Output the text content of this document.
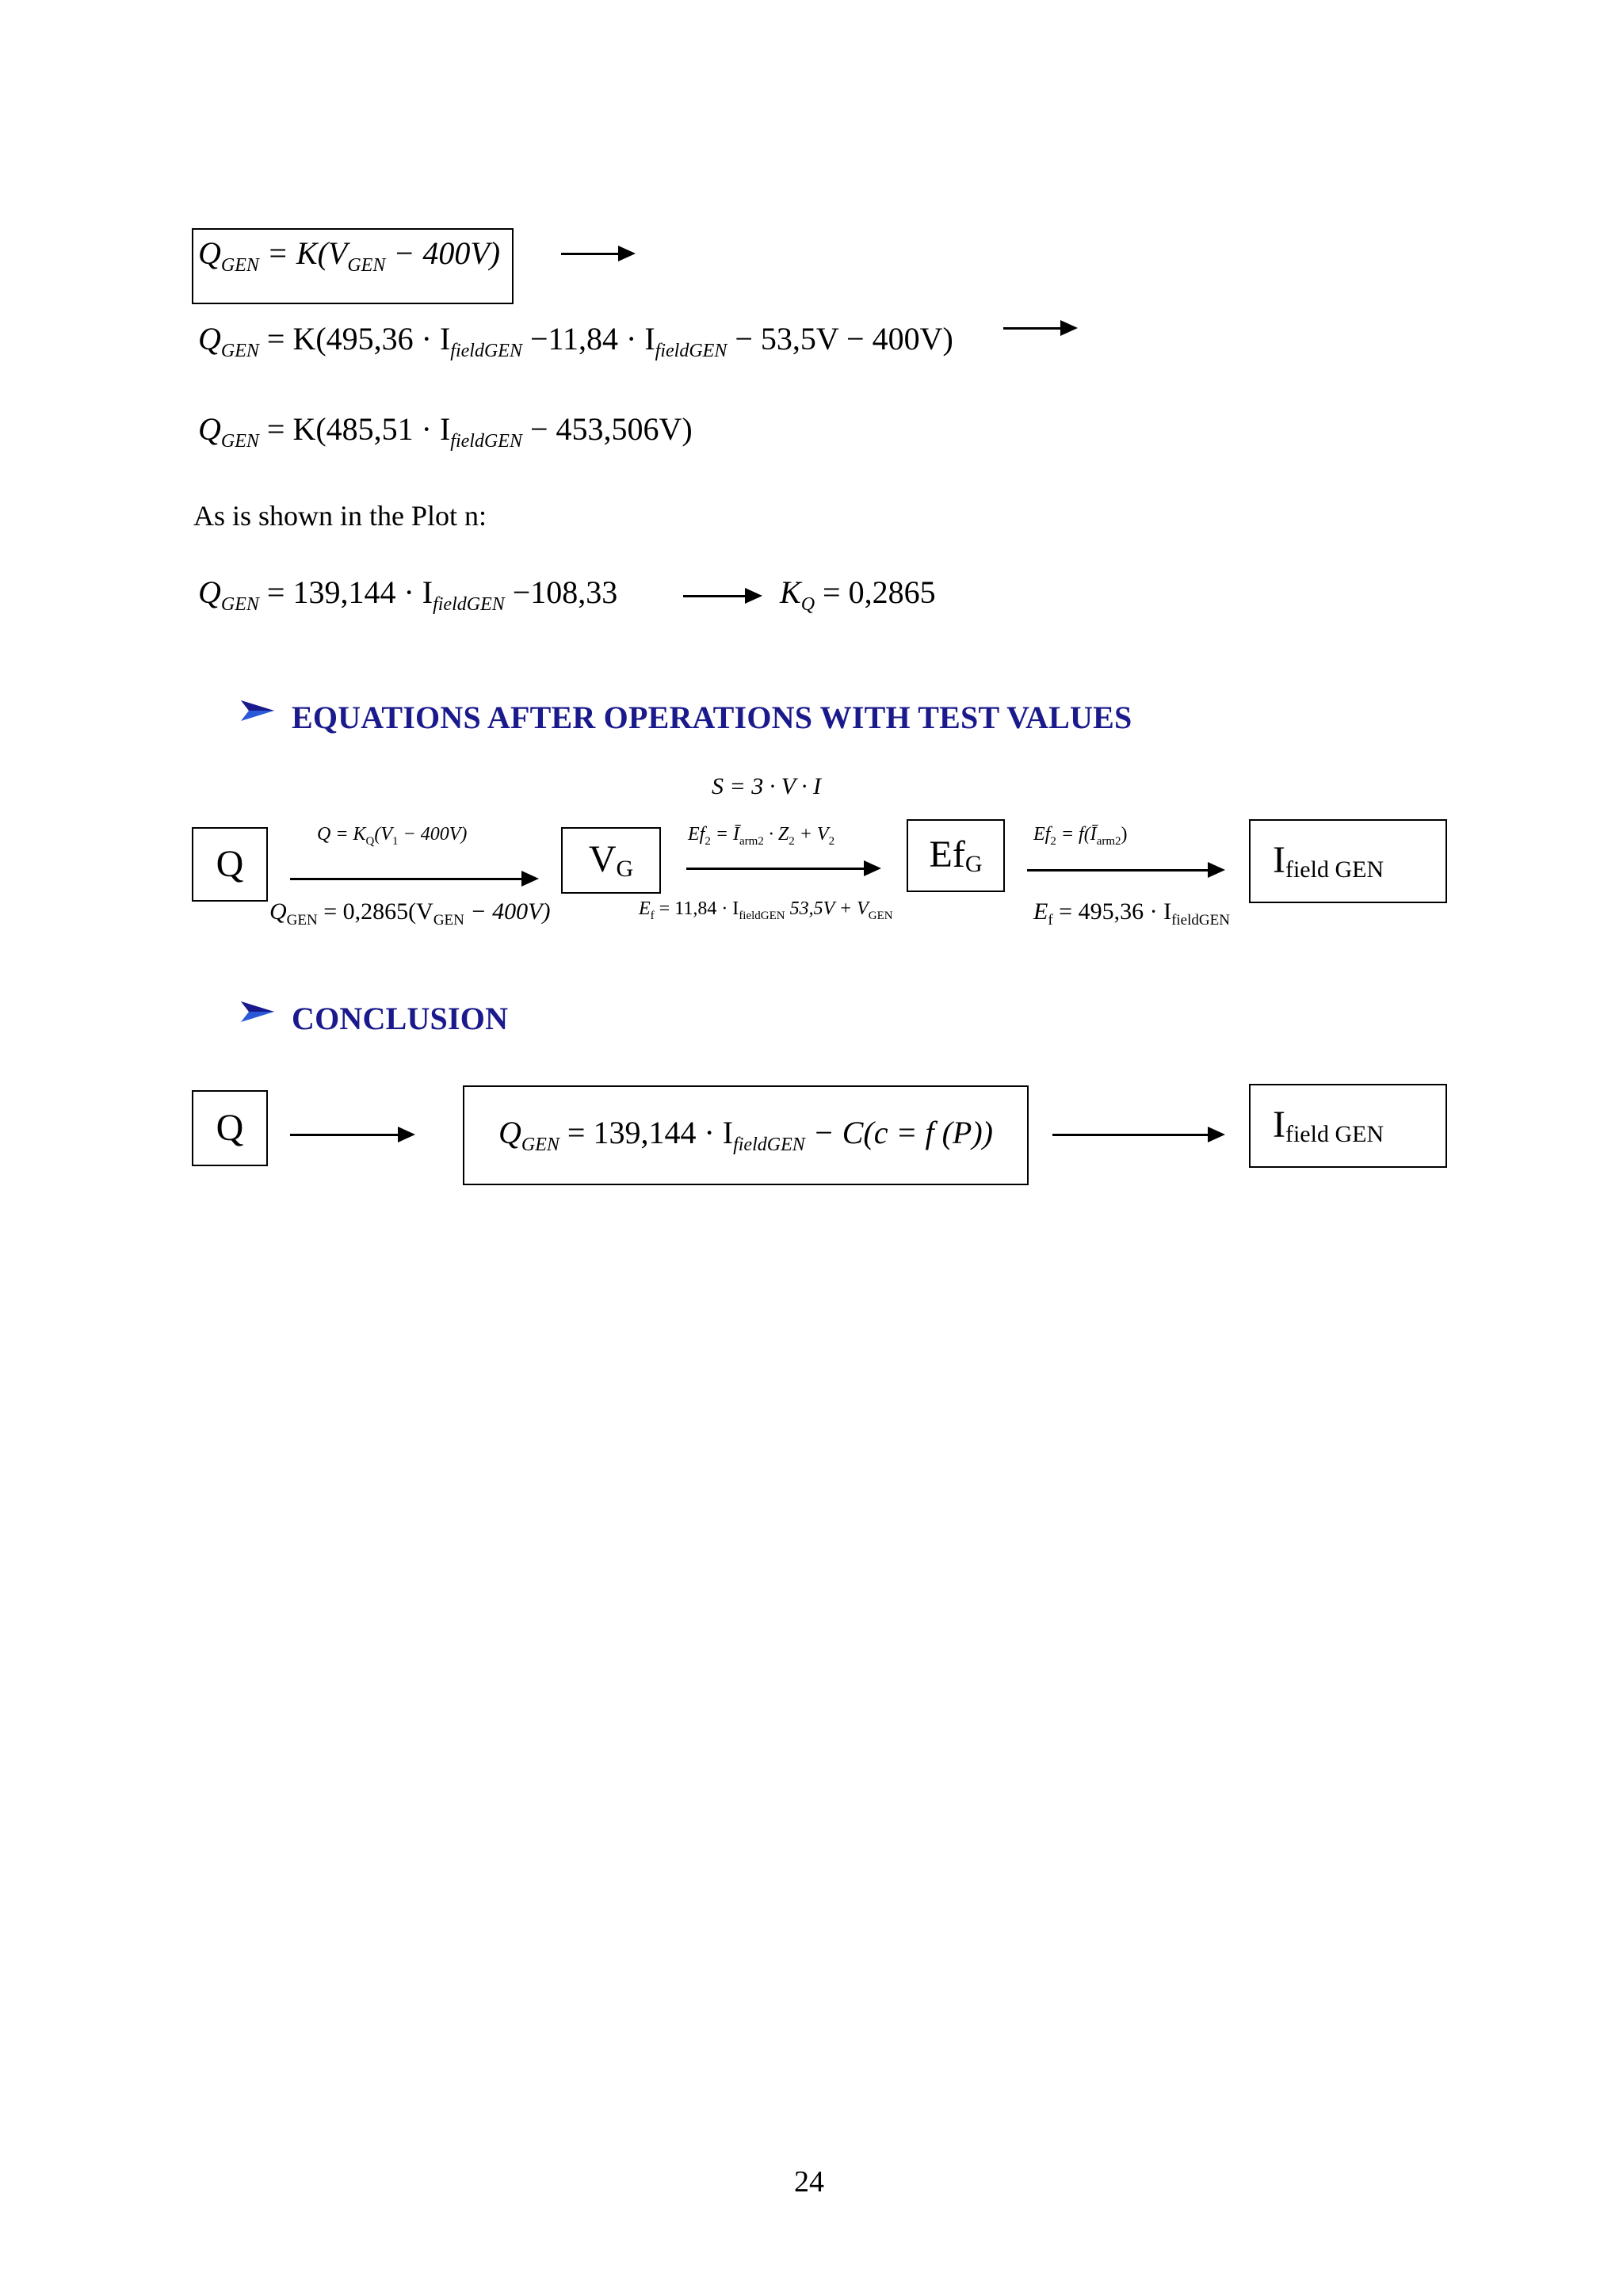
$Q_{GEN} = K(V_{GEN} - 400V)$
$Q_{GEN} = K(495,36 \cdot I_{fieldGEN} -11,84 \cdot I_{fieldGEN} - 53,5V - 400V)$
$Q_{GEN} = K(485,51 \cdot I_{fieldGEN} - 453,506V)$
As is shown in the Plot n:
$Q_{GEN} = 139,144 \cdot I_{fieldGEN} -108,33$	$K_Q = 0,2865$
EQUATIONS AFTER OPERATIONS WITH TEST VALUES
S = 3 · V · I
Q
$Q = K_Q(V_1 - 400V)$
$Q_{GEN} = 0,2865(V_{GEN} - 400V)$
$V_G$
$Ef_2$ = $Ī_{arm2} \cdot Z_2 + V_2$
$E_f = 11,84 \cdot I_{fieldGEN}$ $53,5V + V_{GEN}$
$Ef_G$
$Ef_2$ = $f(Ī_{arm2})$
$E_f = 495,36 \cdot I_{fieldGEN}$
$I_{field GEN}$
CONCLUSION
Q	$Q_{GEN} = 139,144 \cdot I_{fieldGEN} - C(c = f$ (P))	$I_{field GEN}$
24
